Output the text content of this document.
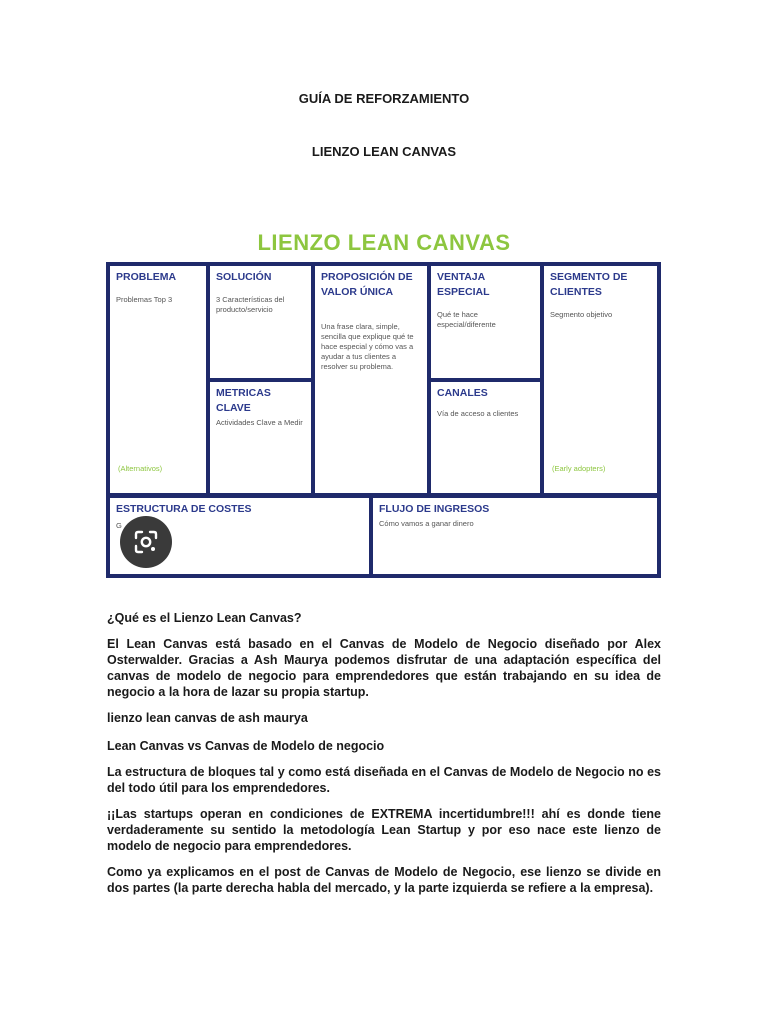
GUÍA DE REFORZAMIENTO
LIENZO LEAN CANVAS
LIENZO LEAN CANVAS
PROBLEMA
Problemas Top 3
(Alternativos)
SOLUCIÓN
3 Características del producto/servicio
METRICAS CLAVE
Actividades Clave a Medir
PROPOSICIÓN DE VALOR ÚNICA
Una frase clara, simple, sencilla que explique qué te hace especial y cómo vas a ayudar a tus clientes a resolver su problema.
VENTAJA ESPECIAL
Qué te hace especial/diferente
CANALES
Vía de acceso a clientes
SEGMENTO DE CLIENTES
Segmento objetivo
(Early adopters)
ESTRUCTURA DE COSTES
G
FLUJO DE INGRESOS
Cómo vamos a ganar dinero
¿Qué es el Lienzo Lean Canvas?
El Lean Canvas está basado en el Canvas de Modelo de Negocio diseñado por Alex Osterwalder. Gracias a Ash Maurya podemos disfrutar de una adaptación específica del canvas de modelo de negocio para emprendedores que están trabajando en su idea de negocio a la hora de lazar su propia startup.
lienzo lean canvas de ash maurya
Lean Canvas vs Canvas de Modelo de negocio
La estructura de bloques tal y como está diseñada en el Canvas de Modelo de Negocio no es del todo útil para los emprendedores.
¡¡Las startups operan en condiciones de EXTREMA incertidumbre!!! ahí es donde tiene verdaderamente su sentido la metodología Lean Startup y por eso nace este lienzo de modelo de negocio para emprendedores.
Como ya explicamos en el post de Canvas de Modelo de Negocio, ese lienzo se divide en dos partes (la parte derecha habla del mercado, y la parte izquierda se refiere a la empresa).
